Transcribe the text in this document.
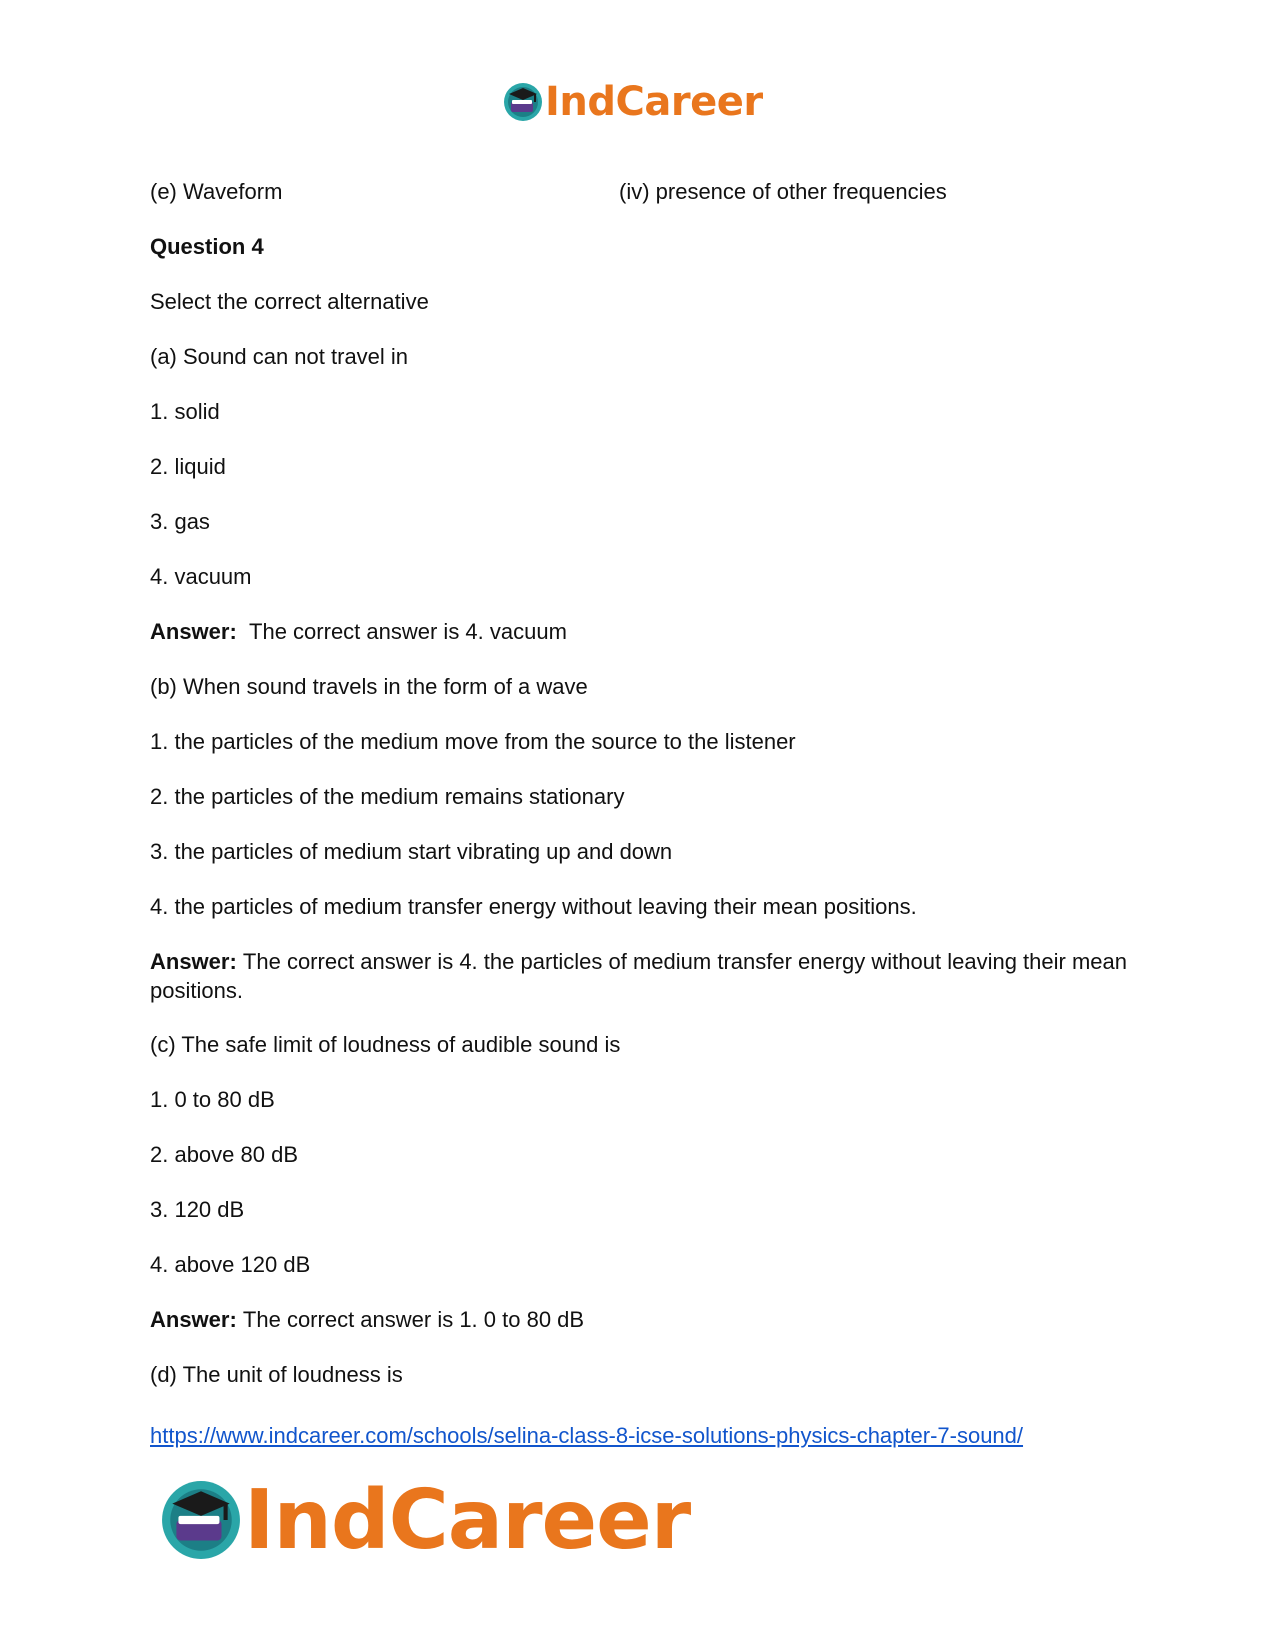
IndCareer
(e) Waveform	(iv) presence of other frequencies
Question 4
Select the correct alternative
(a) Sound can not travel in
1. solid
2. liquid
3. gas
4. vacuum
Answer: The correct answer is 4. vacuum
(b) When sound travels in the form of a wave
1. the particles of the medium move from the source to the listener
2. the particles of the medium remains stationary
3. the particles of medium start vibrating up and down
4. the particles of medium transfer energy without leaving their mean positions.
Answer: The correct answer is 4. the particles of medium transfer energy without leaving their mean positions.
(c) The safe limit of loudness of audible sound is
1. 0 to 80 dB
2. above 80 dB
3. 120 dB
4. above 120 dB
Answer: The correct answer is 1. 0 to 80 dB
(d) The unit of loudness is
https://www.indcareer.com/schools/selina-class-8-icse-solutions-physics-chapter-7-sound/
IndCareer
